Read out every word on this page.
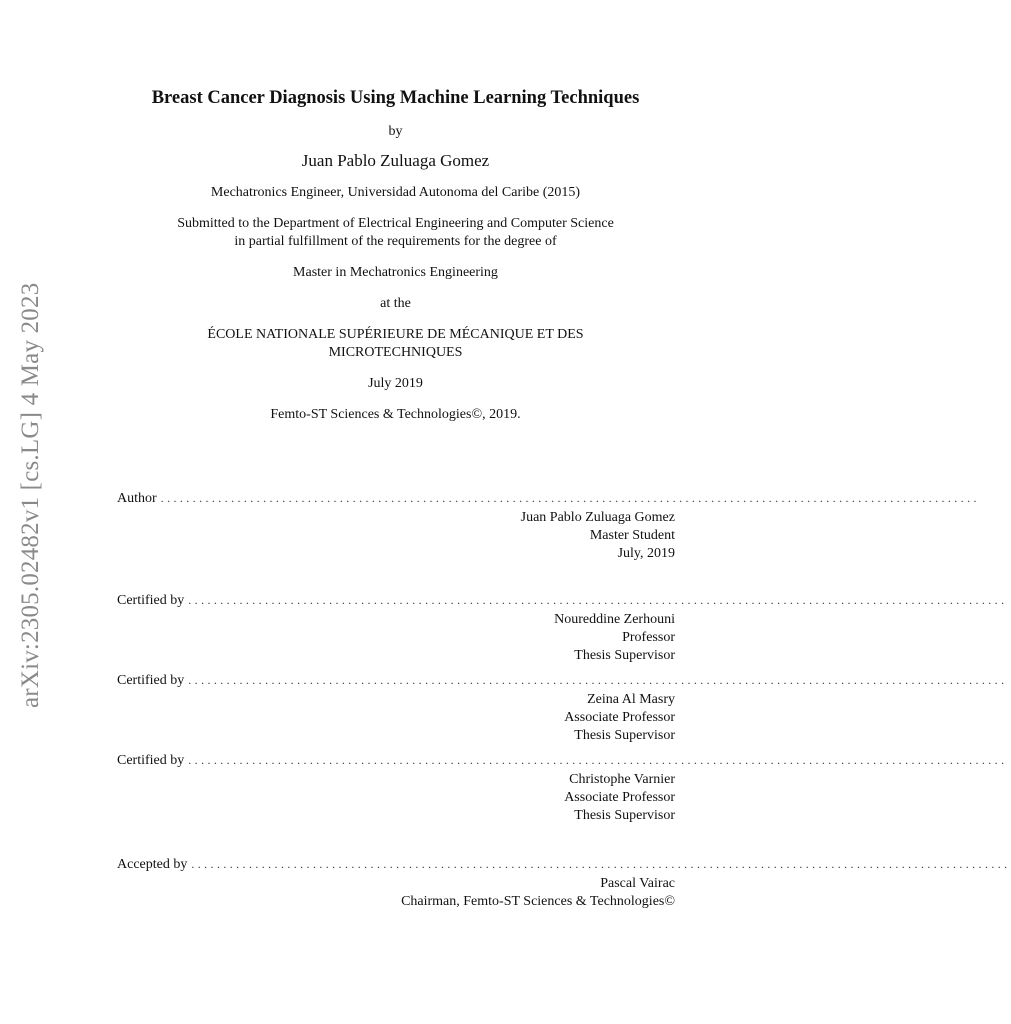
arXiv:2305.02482v1 [cs.LG] 4 May 2023
Breast Cancer Diagnosis Using Machine Learning Techniques
by
Juan Pablo Zuluaga Gomez
Mechatronics Engineer, Universidad Autonoma del Caribe (2015)
Submitted to the Department of Electrical Engineering and Computer Science
in partial fulfillment of the requirements for the degree of
Master in Mechatronics Engineering
at the
ÉCOLE NATIONALE SUPÉRIEURE DE MÉCANIQUE ET DES
MICROTECHNIQUES
July 2019
Femto-ST Sciences & Technologies©, 2019.
Author ................................................................................................................................
Juan Pablo Zuluaga Gomez
Master Student
July, 2019
Certified by ................................................................................................................................
Noureddine Zerhouni
Professor
Thesis Supervisor
Certified by ................................................................................................................................
Zeina Al Masry
Associate Professor
Thesis Supervisor
Certified by ................................................................................................................................
Christophe Varnier
Associate Professor
Thesis Supervisor
Accepted by ................................................................................................................................
Pascal Vairac
Chairman, Femto-ST Sciences & Technologies©
